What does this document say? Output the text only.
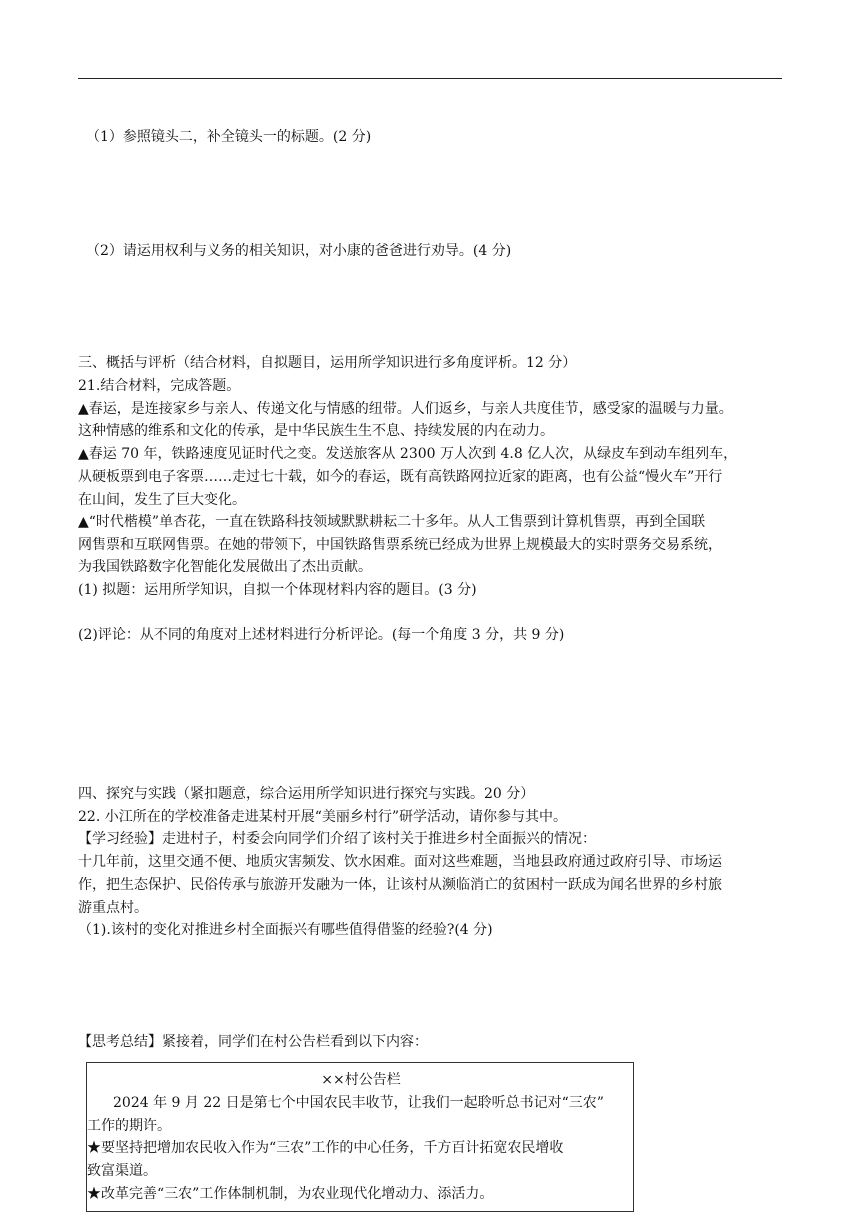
（1）参照镜头二，补全镜头一的标题。(2 分)
（2）请运用权利与义务的相关知识，对小康的爸爸进行劝导。(4 分)
三、概括与评析（结合材料，自拟题目，运用所学知识进行多角度评析。12 分）
21.结合材料，完成答题。
▲春运，是连接家乡与亲人、传递文化与情感的纽带。人们返乡，与亲人共度佳节，感受家的温暖与力量。
这种情感的维系和文化的传承，是中华民族生生不息、持续发展的内在动力。
▲春运 70 年，铁路速度见证时代之变。发送旅客从 2300 万人次到 4.8 亿人次，从绿皮车到动车组列车，
从硬板票到电子客票……走过七十载，如今的春运，既有高铁路网拉近家的距离，也有公益“慢火车”开行
在山间，发生了巨大变化。
▲“时代楷模”单杏花，一直在铁路科技领域默默耕耘二十多年。从人工售票到计算机售票，再到全国联
网售票和互联网售票。在她的带领下，中国铁路售票系统已经成为世界上规模最大的实时票务交易系统，
为我国铁路数字化智能化发展做出了杰出贡献。
(1) 拟题：运用所学知识，自拟一个体现材料内容的题目。(3 分)
(2)评论：从不同的角度对上述材料进行分析评论。(每一个角度 3 分，共 9 分)
四、探究与实践（紧扣题意，综合运用所学知识进行探究与实践。20 分）
22. 小江所在的学校准备走进某村开展“美丽乡村行”研学活动，请你参与其中。
【学习经验】走进村子，村委会向同学们介绍了该村关于推进乡村全面振兴的情况：
十几年前，这里交通不便、地质灾害频发、饮水困难。面对这些难题，当地县政府通过政府引导、市场运
作，把生态保护、民俗传承与旅游开发融为一体，让该村从濒临消亡的贫困村一跃成为闻名世界的乡村旅
游重点村。
（1).该村的变化对推进乡村全面振兴有哪些值得借鉴的经验?(4 分)
【思考总结】紧接着，同学们在村公告栏看到以下内容：
××村公告栏
2024 年 9 月 22 日是第七个中国农民丰收节，让我们一起聆听总书记对“三农”
工作的期许。
★要坚持把增加农民收入作为“三农”工作的中心任务，千方百计拓宽农民增收
致富渠道。
★改革完善“三农”工作体制机制，为农业现代化增动力、添活力。
